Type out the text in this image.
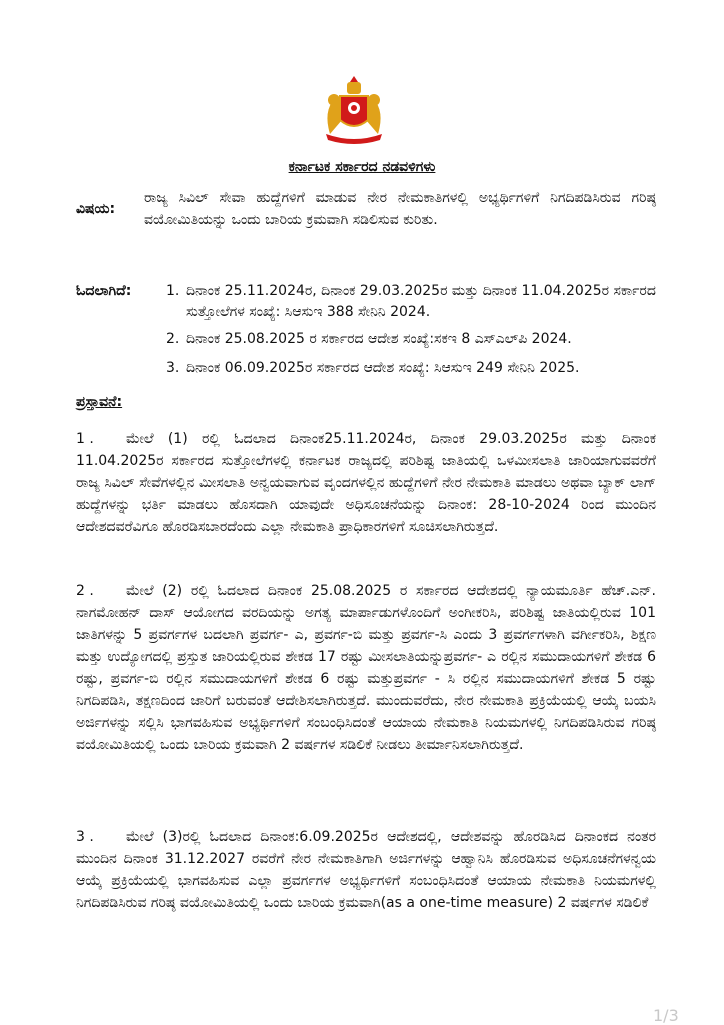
ಕರ್ನಾಟಕ ಸರ್ಕಾರದ ನಡವಳಿಗಳು
ವಿಷಯ:
ರಾಜ್ಯ ಸಿವಿಲ್ ಸೇವಾ ಹುದ್ದೆಗಳಿಗೆ ಮಾಡುವ ನೇರ ನೇಮಕಾತಿಗಳಲ್ಲಿ ಅಭ್ಯರ್ಥಿಗಳಿಗೆ ನಿಗದಿಪಡಿಸಿರುವ ಗರಿಷ್ಠ ವಯೋಮಿತಿಯನ್ನು ಒಂದು ಬಾರಿಯ ಕ್ರಮವಾಗಿ ಸಡಿಲಿಸುವ ಕುರಿತು.
ಓದಲಾಗಿದೆ: 1. ದಿನಾಂಕ 25.11.2024ರ, ದಿನಾಂಕ 29.03.2025ರ ಮತ್ತು ದಿನಾಂಕ 11.04.2025ರ ಸರ್ಕಾರದ ಸುತ್ತೋಲೆಗಳ ಸಂಖ್ಯೆ: ಸಿಆಸುಇ 388 ಸೇನಿನಿ 2024.
2. ದಿನಾಂಕ 25.08.2025 ರ ಸರ್ಕಾರದ ಆದೇಶ ಸಂಖ್ಯೆ:ಸಕಇ 8 ಎಸ್‌ಎಲ್‌ಪಿ 2024.
3. ದಿನಾಂಕ 06.09.2025ರ ಸರ್ಕಾರದ ಆದೇಶ ಸಂಖ್ಯೆ: ಸಿಆಸುಇ 249 ಸೇನಿನಿ 2025.
ಪ್ರಸ್ತಾವನೆ:
1 . ಮೇಲೆ (1) ರಲ್ಲಿ ಓದಲಾದ ದಿನಾಂಕ25.11.2024ರ, ದಿನಾಂಕ 29.03.2025ರ ಮತ್ತು ದಿನಾಂಕ 11.04.2025ರ ಸರ್ಕಾರದ ಸುತ್ತೋಲೆಗಳಲ್ಲಿ ಕರ್ನಾಟಕ ರಾಜ್ಯದಲ್ಲಿ ಪರಿಶಿಷ್ಟ ಜಾತಿಯಲ್ಲಿ ಒಳಮೀಸಲಾತಿ ಜಾರಿಯಾಗುವವರೆಗೆ ರಾಜ್ಯ ಸಿವಿಲ್ ಸೇವೆಗಳಲ್ಲಿನ ಮೀಸಲಾತಿ ಅನ್ವಯವಾಗುವ ವೃಂದಗಳಲ್ಲಿನ ಹುದ್ದೆಗಳಿಗೆ ನೇರ ನೇಮಕಾತಿ ಮಾಡಲು ಅಥವಾ ಬ್ಯಾಕ್ ಲಾಗ್ ಹುದ್ದೆಗಳನ್ನು ಭರ್ತಿ ಮಾಡಲು ಹೊಸದಾಗಿ ಯಾವುದೇ ಅಧಿಸೂಚನೆಯನ್ನು ದಿನಾಂಕ: 28-10-2024 ರಿಂದ ಮುಂದಿನ ಆದೇಶದವರೆವಿಗೂ ಹೊರಡಿಸಬಾರದೆಂದು ಎಲ್ಲಾ ನೇಮಕಾತಿ ಪ್ರಾಧಿಕಾರಗಳಿಗೆ ಸೂಚಿಸಲಾಗಿರುತ್ತದೆ.
2 . ಮೇಲೆ (2) ರಲ್ಲಿ ಓದಲಾದ ದಿನಾಂಕ 25.08.2025 ರ ಸರ್ಕಾರದ ಆದೇಶದಲ್ಲಿ ನ್ಯಾಯಮೂರ್ತಿ ಹೆಚ್.ಎನ್. ನಾಗಮೋಹನ್ ದಾಸ್ ಆಯೋಗದ ವರದಿಯನ್ನು ಅಗತ್ಯ ಮಾರ್ಪಾಡುಗಳೊಂದಿಗೆ ಅಂಗೀಕರಿಸಿ, ಪರಿಶಿಷ್ಟ ಜಾತಿಯಲ್ಲಿರುವ 101 ಜಾತಿಗಳನ್ನು 5 ಪ್ರವರ್ಗಗಳ ಬದಲಾಗಿ ಪ್ರವರ್ಗ- ಎ, ಪ್ರವರ್ಗ-ಬಿ ಮತ್ತು ಪ್ರವರ್ಗ-ಸಿ ಎಂದು 3 ಪ್ರವರ್ಗಗಳಾಗಿ ವರ್ಗೀಕರಿಸಿ, ಶಿಕ್ಷಣ ಮತ್ತು ಉದ್ಯೋಗದಲ್ಲಿ ಪ್ರಸ್ತುತ ಜಾರಿಯಲ್ಲಿರುವ ಶೇಕಡ 17 ರಷ್ಟು ಮೀಸಲಾತಿಯನ್ನುಪ್ರವರ್ಗ- ಎ ರಲ್ಲಿನ ಸಮುದಾಯಗಳಿಗೆ ಶೇಕಡ 6 ರಷ್ಟು, ಪ್ರವರ್ಗ-ಬಿ ರಲ್ಲಿನ ಸಮುದಾಯಗಳಿಗೆ ಶೇಕಡ 6 ರಷ್ಟು ಮತ್ತುಪ್ರವರ್ಗ - ಸಿ ರಲ್ಲಿನ ಸಮುದಾಯಗಳಿಗೆ ಶೇಕಡ 5 ರಷ್ಟು ನಿಗದಿಪಡಿಸಿ, ತಕ್ಷಣದಿಂದ ಜಾರಿಗೆ ಬರುವಂತೆ ಆದೇಶಿಸಲಾಗಿರುತ್ತದೆ. ಮುಂದುವರೆದು, ನೇರ ನೇಮಕಾತಿ ಪ್ರಕ್ರಿಯೆಯಲ್ಲಿ ಆಯ್ಕೆ ಬಯಸಿ ಅರ್ಜಿಗಳನ್ನು ಸಲ್ಲಿಸಿ ಭಾಗವಹಿಸುವ ಅಭ್ಯರ್ಥಿಗಳಿಗೆ ಸಂಬಂಧಿಸಿದಂತೆ ಆಯಾಯ ನೇಮಕಾತಿ ನಿಯಮಗಳಲ್ಲಿ ನಿಗದಿಪಡಿಸಿರುವ ಗರಿಷ್ಠ ವಯೋಮಿತಿಯಲ್ಲಿ ಒಂದು ಬಾರಿಯ ಕ್ರಮವಾಗಿ 2 ವರ್ಷಗಳ ಸಡಿಲಿಕೆ ನೀಡಲು ತೀರ್ಮಾನಿಸಲಾಗಿರುತ್ತದೆ.
3 . ಮೇಲೆ (3)ರಲ್ಲಿ ಓದಲಾದ ದಿನಾಂಕ:6.09.2025ರ ಆದೇಶದಲ್ಲಿ, ಆದೇಶವನ್ನು ಹೊರಡಿಸಿದ ದಿನಾಂಕದ ನಂತರ ಮುಂದಿನ ದಿನಾಂಕ 31.12.2027 ರವರೆಗೆ ನೇರ ನೇಮಕಾತಿಗಾಗಿ ಅರ್ಜಿಗಳನ್ನು ಆಹ್ವಾನಿಸಿ ಹೊರಡಿಸುವ ಅಧಿಸೂಚನೆಗಳನ್ವಯ ಆಯ್ಕೆ ಪ್ರಕ್ರಿಯೆಯಲ್ಲಿ ಭಾಗವಹಿಸುವ ಎಲ್ಲಾ ಪ್ರವರ್ಗಗಳ ಅಭ್ಯರ್ಥಿಗಳಿಗೆ ಸಂಬಂಧಿಸಿದಂತೆ ಆಯಾಯ ನೇಮಕಾತಿ ನಿಯಮಗಳಲ್ಲಿ ನಿಗದಿಪಡಿಸಿರುವ ಗರಿಷ್ಠ ವಯೋಮಿತಿಯಲ್ಲಿ ಒಂದು ಬಾರಿಯ ಕ್ರಮವಾಗಿ(as a one-time measure) 2 ವರ್ಷಗಳ ಸಡಿಲಿಕೆ
1/3
